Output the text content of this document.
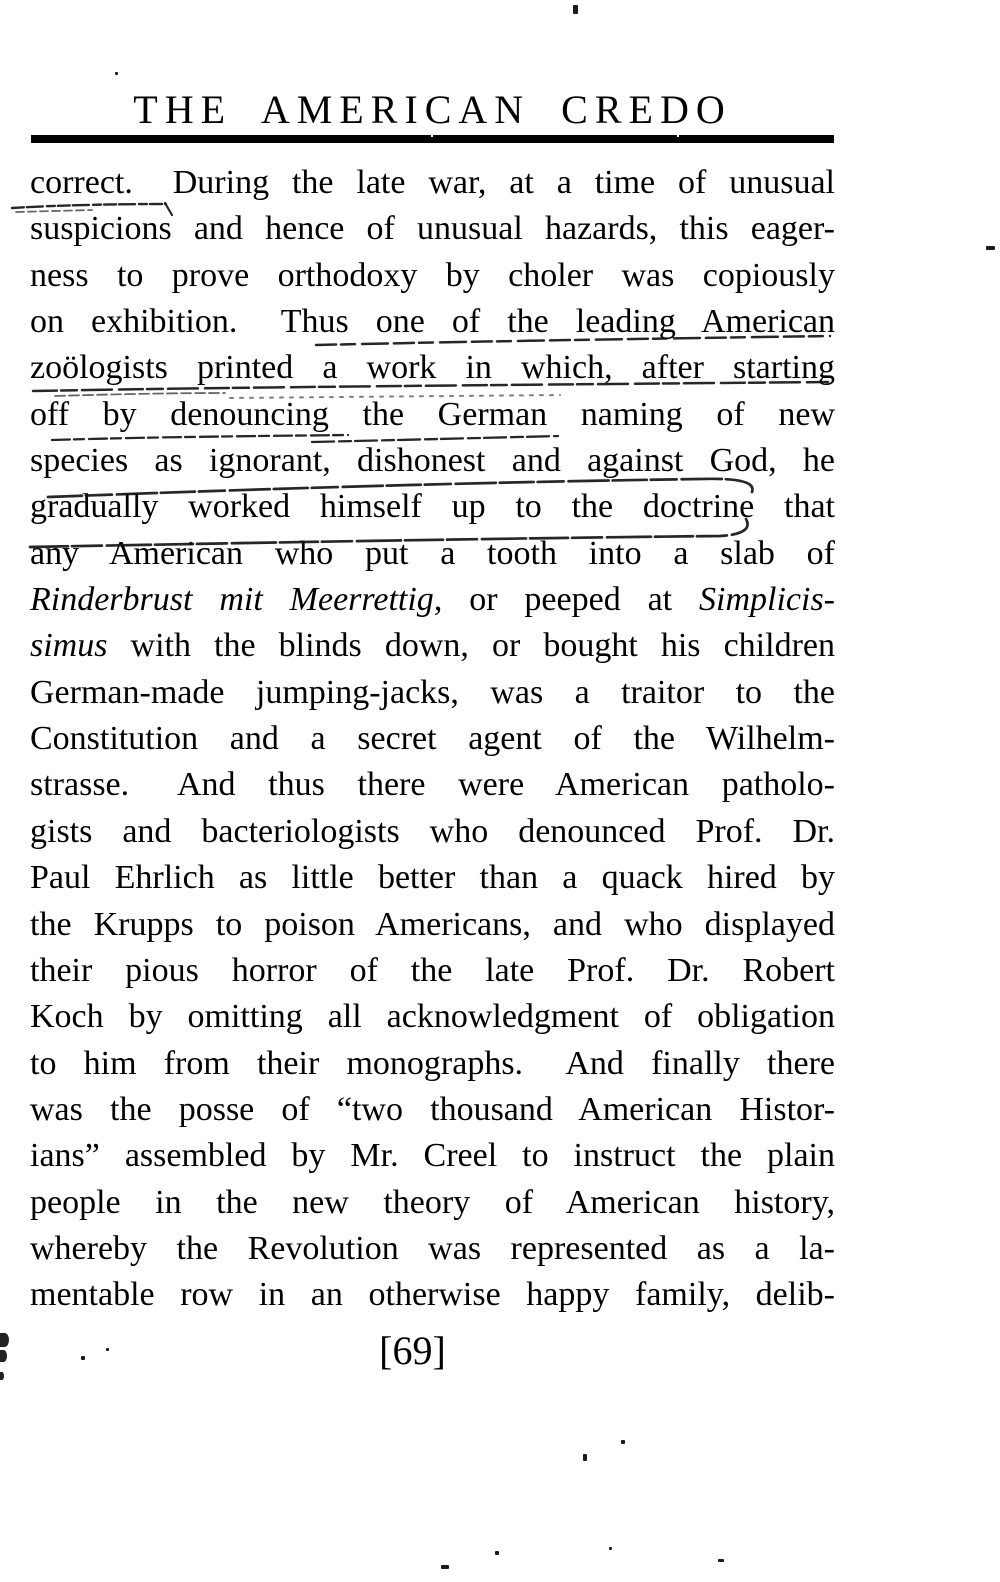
THE AMERICAN CREDO
correct.  During the late war, at a time of unusual
suspicions and hence of unusual hazards, this eager-
ness to prove orthodoxy by choler was copiously
on exhibition.  Thus one of the leading American
zoölogists printed a work in which, after starting
off by denouncing the German naming of new
species as ignorant, dishonest and against God, he
gradually worked himself up to the doctrine that
any American who put a tooth into a slab of
Rinderbrust mit Meerrettig, or peeped at Simplicis-
simus with the blinds down, or bought his children
German-made jumping-jacks, was a traitor to the
Constitution and a secret agent of the Wilhelm-
strasse.  And thus there were American patholo-
gists and bacteriologists who denounced Prof. Dr.
Paul Ehrlich as little better than a quack hired by
the Krupps to poison Americans, and who displayed
their pious horror of the late Prof. Dr. Robert
Koch by omitting all acknowledgment of obligation
to him from their monographs.  And finally there
was the posse of “two thousand American Histor-
ians” assembled by Mr. Creel to instruct the plain
people in the new theory of American history,
whereby the Revolution was represented as a la-
mentable row in an otherwise happy family, delib-
[69]
